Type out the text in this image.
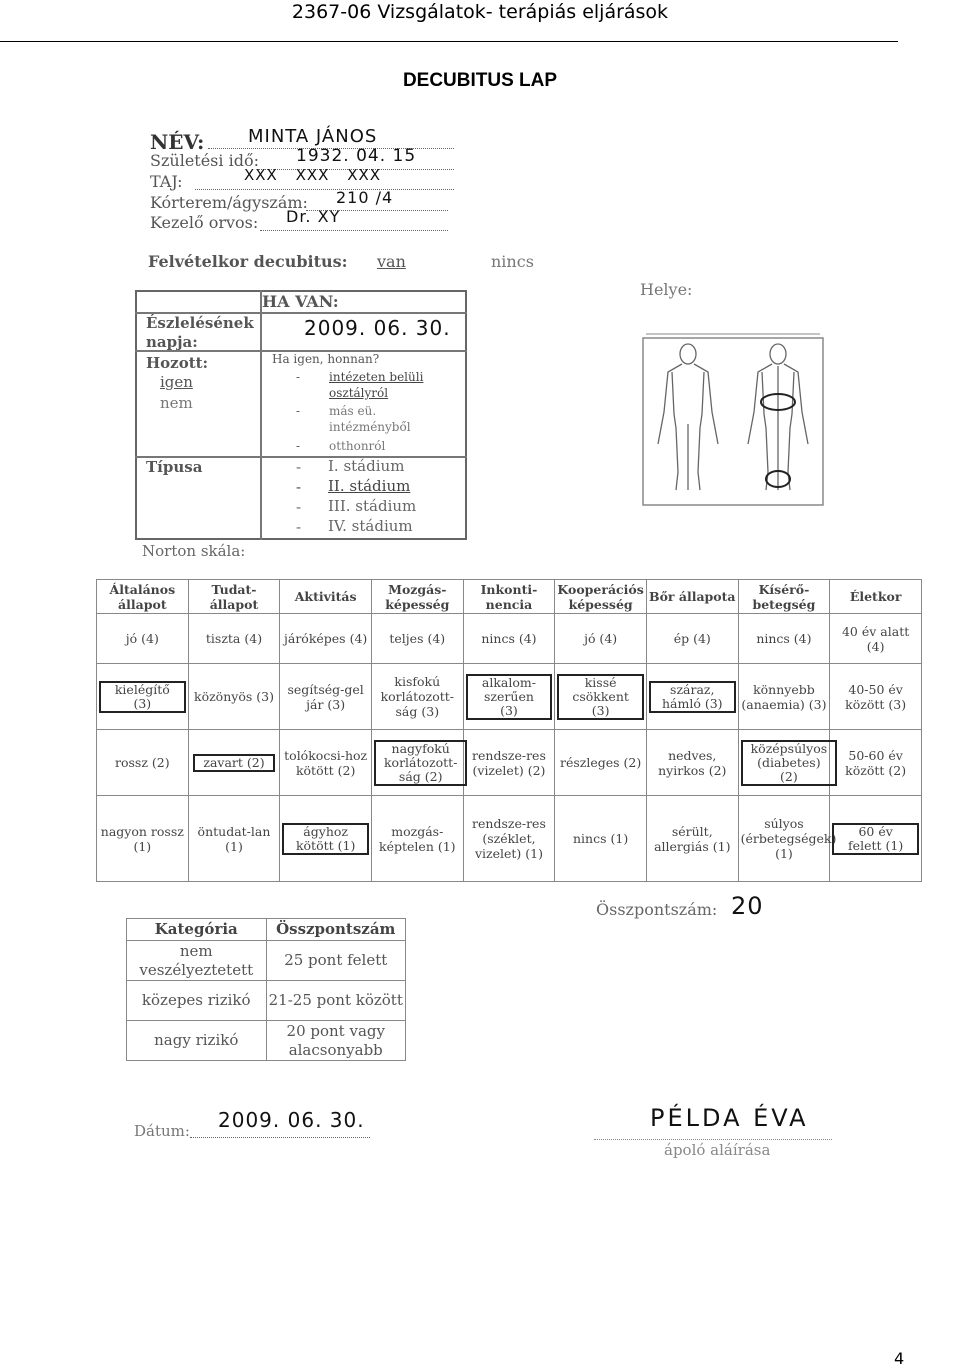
2367-06 Vizsgálatok- terápiás eljárások
DECUBITUS LAP
NÉV: MINTA JÁNOS
Születési idő: 1932. 04. 15
TAJ:	XXX XXX XXX
Kórterem/ágyszám: 210 /4
Kezelő orvos: Dr. XY
Felvételkor decubitus: van	nincs
HA VAN:
Észlelésének napja:
2009. 06. 30.
Hozott:
igen
nem
Ha igen, honnan?
- intézeten belüli osztályról
- más eü. intézményből
- otthonról
Típusa	- I. stádium
- II. stádium
- III. stádium
- IV. stádium
Helye:
Norton skála:
Általános állapot	Tudat-állapot	Aktivitás	Mozgás-képesség	Inkonti-nencia	Kooperációs képesség	Bőr állapota	Kísérő-betegség	Életkor
jó (4)	tiszta (4)	járóképes (4)	teljes (4)	nincs (4)	jó (4)	ép (4)	nincs (4)	40 év alatt (4)
kielégítő (3)	közönyös (3)	segítség-gel jár (3)	kisfokú korlátozott-ság (3)	alkalom-szerűen (3)	kissé csökkent (3)	száraz, hámló (3)	könnyebb (anaemia) (3)	40-50 év között (3)
rossz (2)	zavart (2)	tolókocsi-hoz kötött (2)	nagyfokú korlátozott-ság (2)	rendsze-res (vizelet) (2)	részleges (2)	nedves, nyirkos (2)	középsúlyos (diabetes) (2)	50-60 év között (2)
nagyon rossz (1)	öntudat-lan (1)	ágyhoz kötött (1)	mozgás-képtelen (1)	rendsze-res (széklet, vizelet) (1)	nincs (1)	sérült, allergiás (1)	súlyos (érbetegségek) (1)	60 év felett (1)
Összpontszám: 20
Kategória	Összpontszám
nem veszélyeztetett	25 pont felett
közepes rizikó	21-25 pont között
nagy rizikó	20 pont vagy alacsonyabb
Dátum: 2009. 06. 30.	PÉLDA ÉVA
ápoló aláírása
4
